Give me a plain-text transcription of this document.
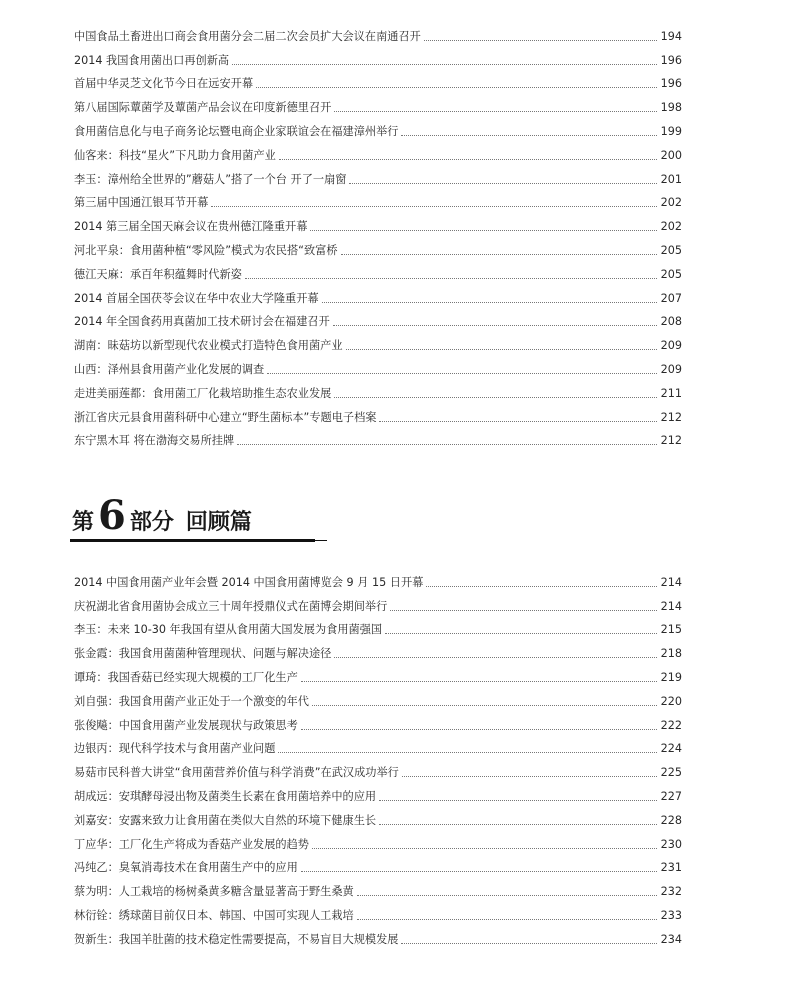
中国食品土畜进出口商会食用菌分会二届二次会员扩大会议在南通召开	194
2014 我国食用菌出口再创新高	196
首届中华灵芝文化节今日在远安开幕	196
第八届国际蕈菌学及蕈菌产品会议在印度新德里召开	198
食用菌信息化与电子商务论坛暨电商企业家联谊会在福建漳州举行	199
仙客来：科技“星火”下凡助力食用菌产业	200
李玉：漳州给全世界的”蘑菇人”搭了一个台 开了一扇窗	201
第三届中国通江银耳节开幕	202
2014 第三届全国天麻会议在贵州德江隆重开幕	202
河北平泉：食用菌种植“零风险”模式为农民搭“致富桥	205
德江天麻：承百年积蕴舞时代新姿	205
2014 首届全国茯苓会议在华中农业大学隆重开幕	207
2014 年全国食药用真菌加工技术研讨会在福建召开	208
湖南：昧菇坊以新型现代农业模式打造特色食用菌产业	209
山西：泽州县食用菌产业化发展的调查	209
走进美丽莲都：食用菌工厂化栽培助推生态农业发展	211
浙江省庆元县食用菌科研中心建立“野生菌标本”专题电子档案	212
东宁黑木耳 将在渤海交易所挂牌	212
第 6 部分 回顾篇
2014 中国食用菌产业年会暨 2014 中国食用菌博览会 9 月 15 日开幕	214
庆祝湖北省食用菌协会成立三十周年授鼎仪式在菌博会期间举行	214
李玉：未来 10-30 年我国有望从食用菌大国发展为食用菌强国	215
张金霞：我国食用菌菌种管理现状、问题与解决途径	218
谭琦：我国香菇已经实现大规模的工厂化生产	219
刘自强：我国食用菌产业正处于一个激变的年代	220
张俊飚：中国食用菌产业发展现状与政策思考	222
边银丙：现代科学技术与食用菌产业问题	224
易菇市民科普大讲堂“食用菌营养价值与科学消费”在武汉成功举行	225
胡成远：安琪酵母浸出物及菌类生长素在食用菌培养中的应用	227
刘嘉安：安露来致力让食用菌在类似大自然的环境下健康生长	228
丁应华：工厂化生产将成为香菇产业发展的趋势	230
冯纯乙：臭氧消毒技术在食用菌生产中的应用	231
蔡为明：人工栽培的杨树桑黄多糖含量显著高于野生桑黄	232
林衍铨：绣球菌目前仅日本、韩国、中国可实现人工栽培	233
贺新生：我国羊肚菌的技术稳定性需要提高，不易盲目大规模发展	234
